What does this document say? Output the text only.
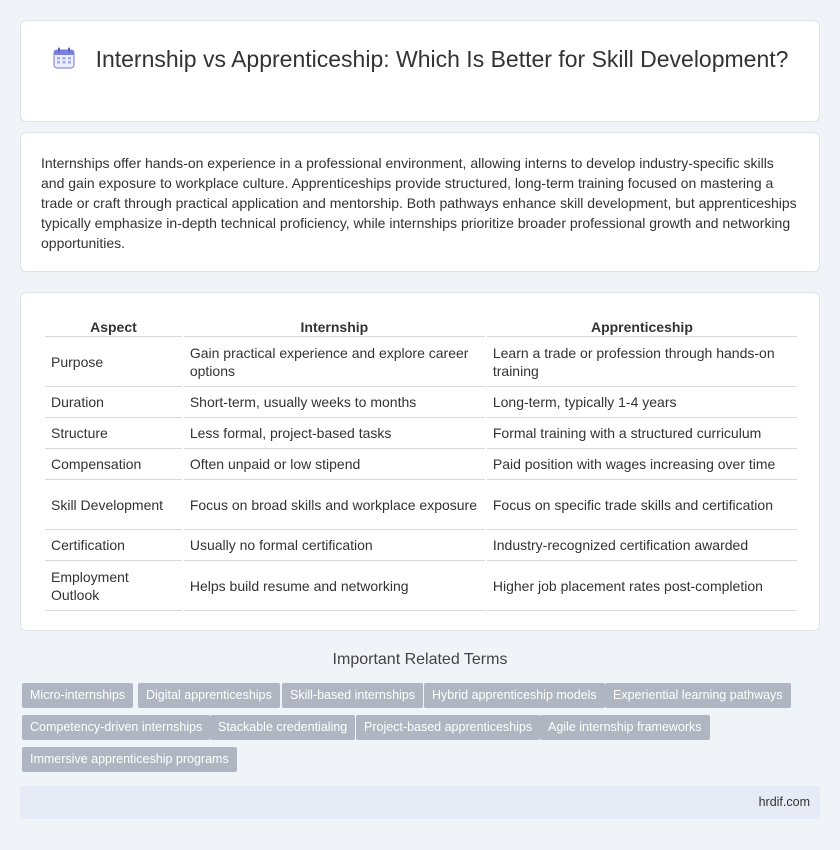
Internship vs Apprenticeship: Which Is Better for Skill Development?

Internships offer hands-on experience in a professional environment, allowing interns to develop industry-specific skills and gain exposure to workplace culture. Apprenticeships provide structured, long-term training focused on mastering a trade or craft through practical application and mentorship. Both pathways enhance skill development, but apprenticeships typically emphasize in-depth technical proficiency, while internships prioritize broader professional growth and networking opportunities.

Aspect	Internship	Apprenticeship
Purpose	Gain practical experience and explore career options	Learn a trade or profession through hands-on training
Duration	Short-term, usually weeks to months	Long-term, typically 1-4 years
Structure	Less formal, project-based tasks	Formal training with a structured curriculum
Compensation	Often unpaid or low stipend	Paid position with wages increasing over time
Skill Development	Focus on broad skills and workplace exposure	Focus on specific trade skills and certification
Certification	Usually no formal certification	Industry-recognized certification awarded
Employment Outlook	Helps build resume and networking	Higher job placement rates post-completion
Important Related Terms
Micro-internships	Digital apprenticeships	Skill-based internships	Hybrid apprenticeship models	Experiential learning pathways
Competency-driven internships	Stackable credentialing	Project-based apprenticeships	Agile internship frameworks
Immersive apprenticeship programs
hrdif.com
